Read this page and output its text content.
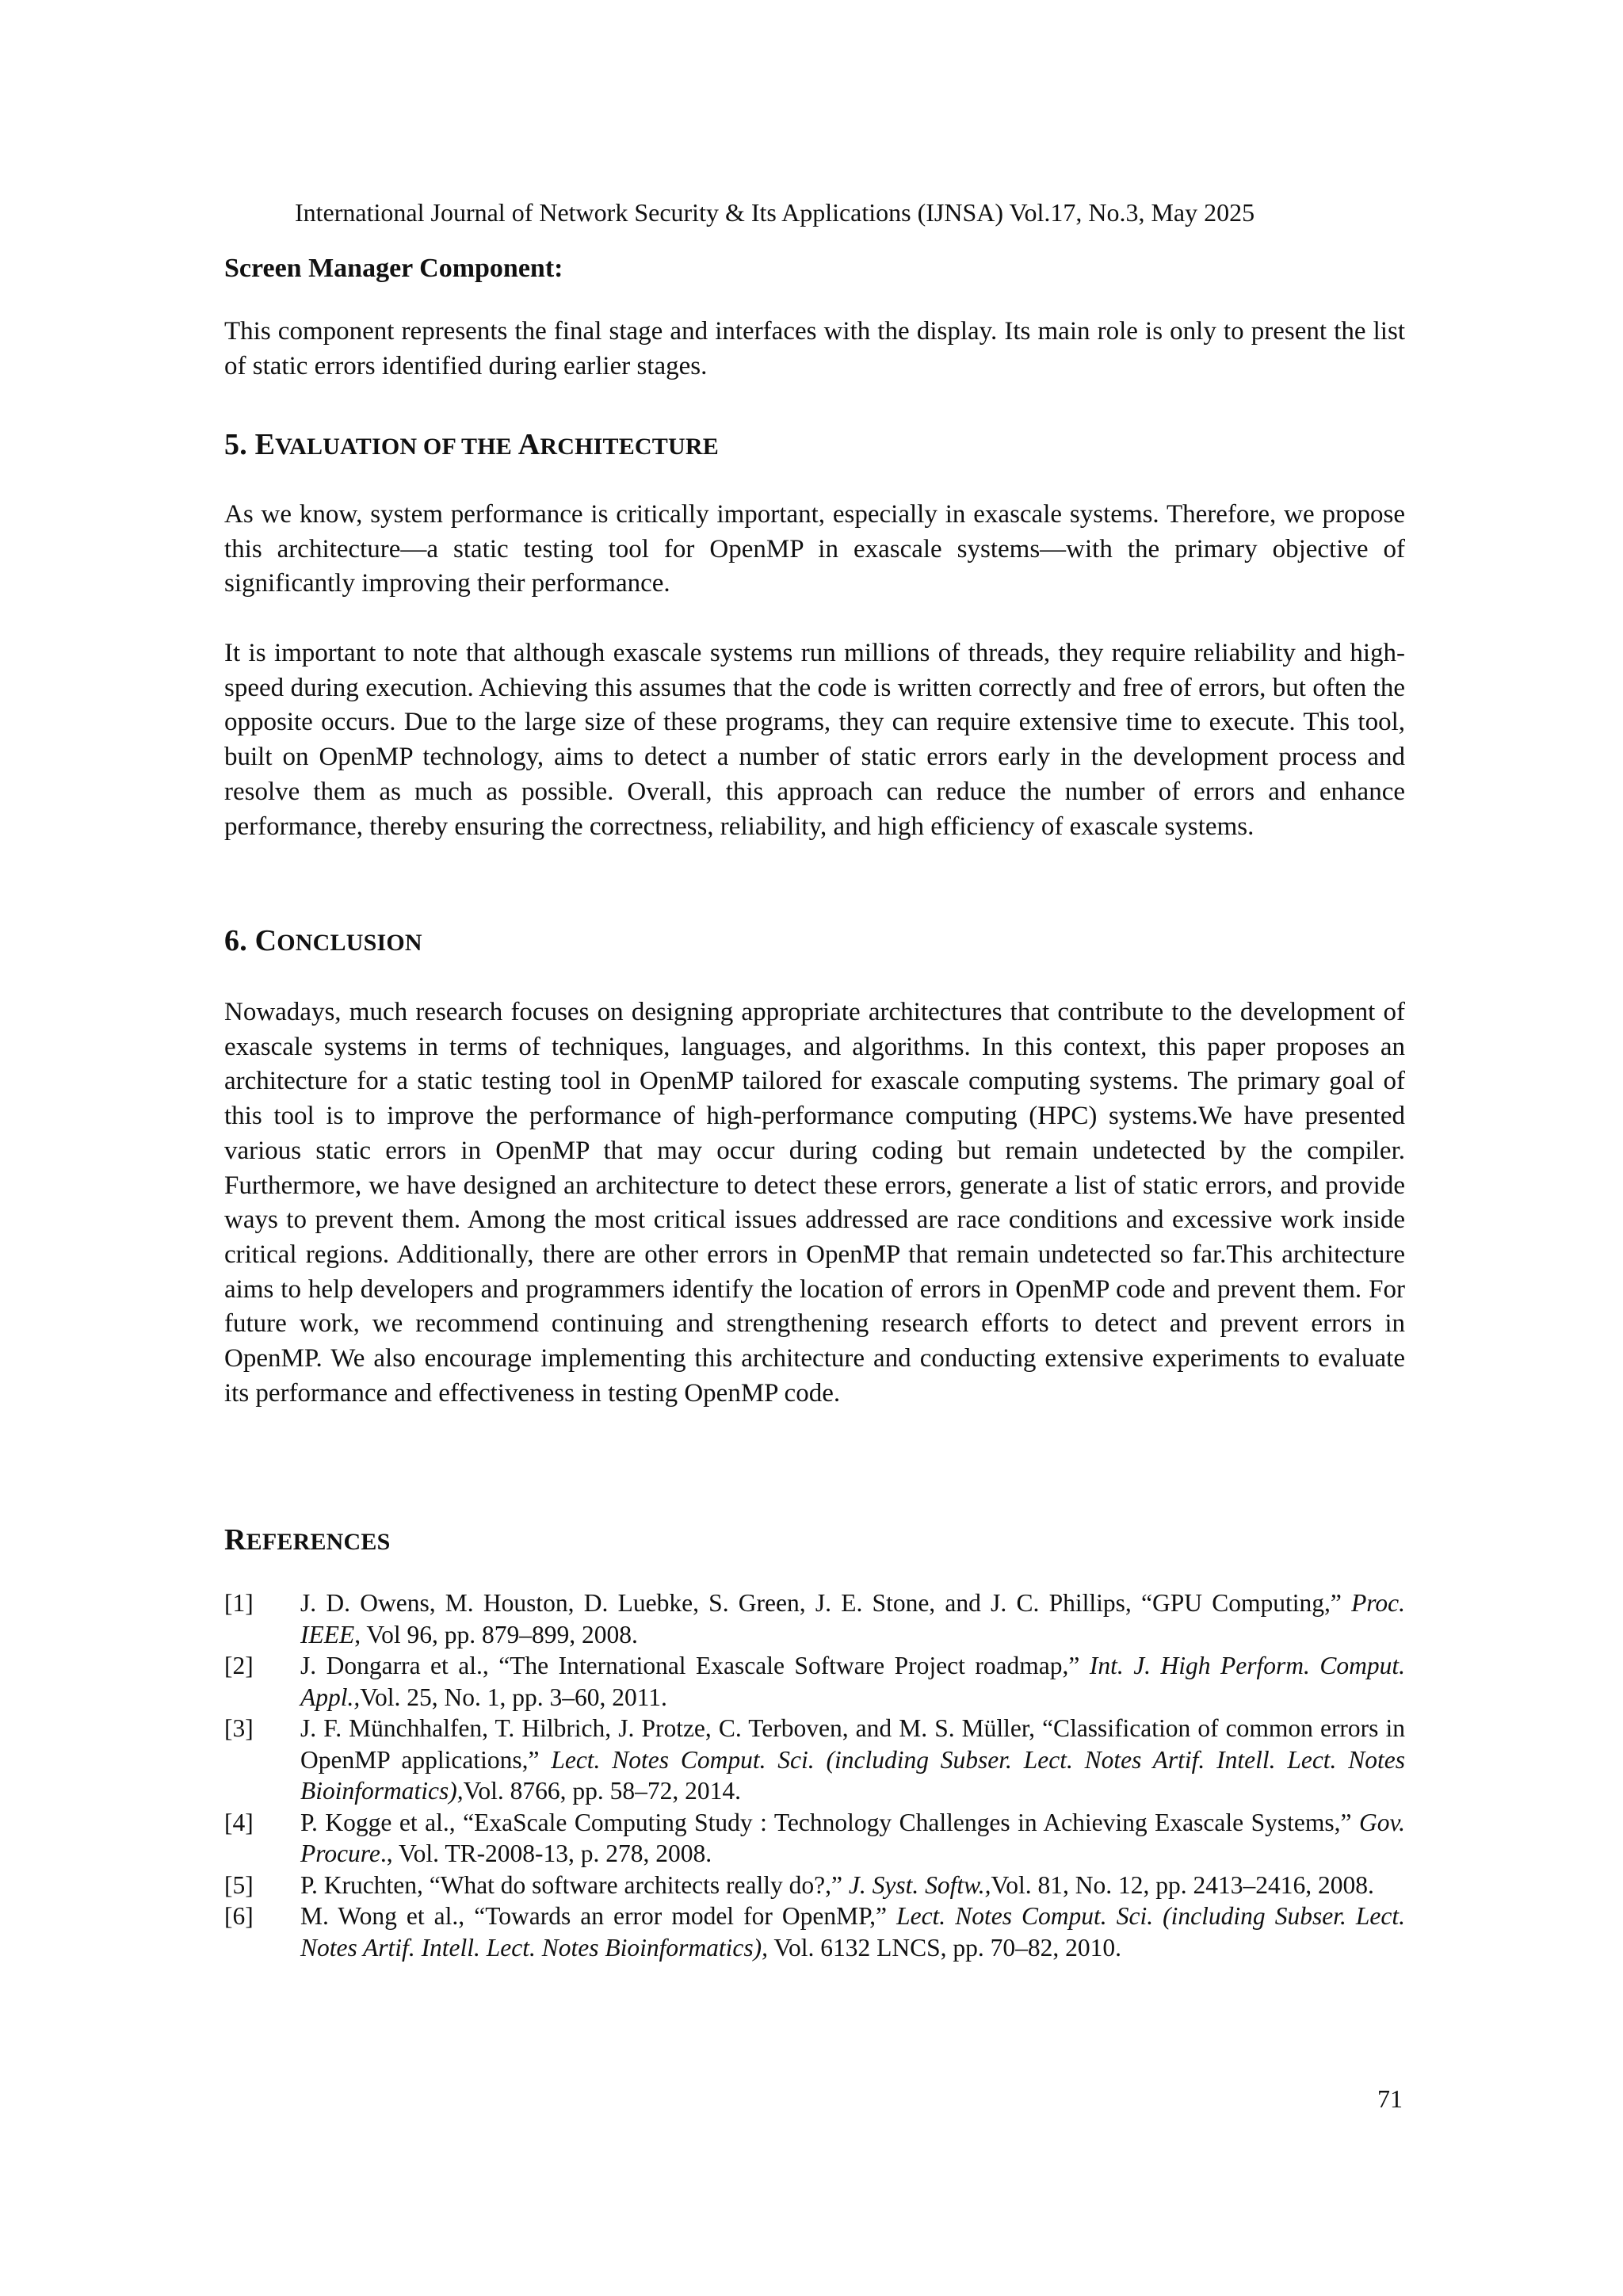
International Journal of Network Security & Its Applications (IJNSA) Vol.17, No.3, May 2025
Screen Manager Component:

This component represents the final stage and interfaces with the display. Its main role is only to present the list of static errors identified during earlier stages.

5. EVALUATION OF THE ARCHITECTURE

As we know, system performance is critically important, especially in exascale systems. Therefore, we propose this architecture—a static testing tool for OpenMP in exascale systems—with the primary objective of significantly improving their performance.

It is important to note that although exascale systems run millions of threads, they require reliability and high-speed during execution. Achieving this assumes that the code is written correctly and free of errors, but often the opposite occurs. Due to the large size of these programs, they can require extensive time to execute. This tool, built on OpenMP technology, aims to detect a number of static errors early in the development process and resolve them as much as possible. Overall, this approach can reduce the number of errors and enhance performance, thereby ensuring the correctness, reliability, and high efficiency of exascale systems.

6. CONCLUSION

Nowadays, much research focuses on designing appropriate architectures that contribute to the development of exascale systems in terms of techniques, languages, and algorithms. In this context, this paper proposes an architecture for a static testing tool in OpenMP tailored for exascale computing systems. The primary goal of this tool is to improve the performance of high-performance computing (HPC) systems.We have presented various static errors in OpenMP that may occur during coding but remain undetected by the compiler. Furthermore, we have designed an architecture to detect these errors, generate a list of static errors, and provide ways to prevent them. Among the most critical issues addressed are race conditions and excessive work inside critical regions. Additionally, there are other errors in OpenMP that remain undetected so far.This architecture aims to help developers and programmers identify the location of errors in OpenMP code and prevent them. For future work, we recommend continuing and strengthening research efforts to detect and prevent errors in OpenMP. We also encourage implementing this architecture and conducting extensive experiments to evaluate its performance and effectiveness in testing OpenMP code.

REFERENCES
[1]	J. D. Owens, M. Houston, D. Luebke, S. Green, J. E. Stone, and J. C. Phillips, “GPU Computing,” Proc. IEEE, Vol 96, pp. 879–899, 2008.
[2]	J. Dongarra et al., “The International Exascale Software Project roadmap,” Int. J. High Perform. Comput. Appl.,Vol. 25, No. 1, pp. 3–60, 2011.
[3]	J. F. Münchhalfen, T. Hilbrich, J. Protze, C. Terboven, and M. S. Müller, “Classification of common errors in OpenMP applications,” Lect. Notes Comput. Sci. (including Subser. Lect. Notes Artif. Intell. Lect. Notes Bioinformatics),Vol. 8766, pp. 58–72, 2014.
[4]	P. Kogge et al., “ExaScale Computing Study : Technology Challenges in Achieving Exascale Systems,” Gov. Procure., Vol. TR-2008-13, p. 278, 2008.
[5]	P. Kruchten, “What do software architects really do?,” J. Syst. Softw.,Vol. 81, No. 12, pp. 2413–2416, 2008.
[6]	M. Wong et al., “Towards an error model for OpenMP,” Lect. Notes Comput. Sci. (including Subser. Lect. Notes Artif. Intell. Lect. Notes Bioinformatics), Vol. 6132 LNCS, pp. 70–82, 2010.
71
